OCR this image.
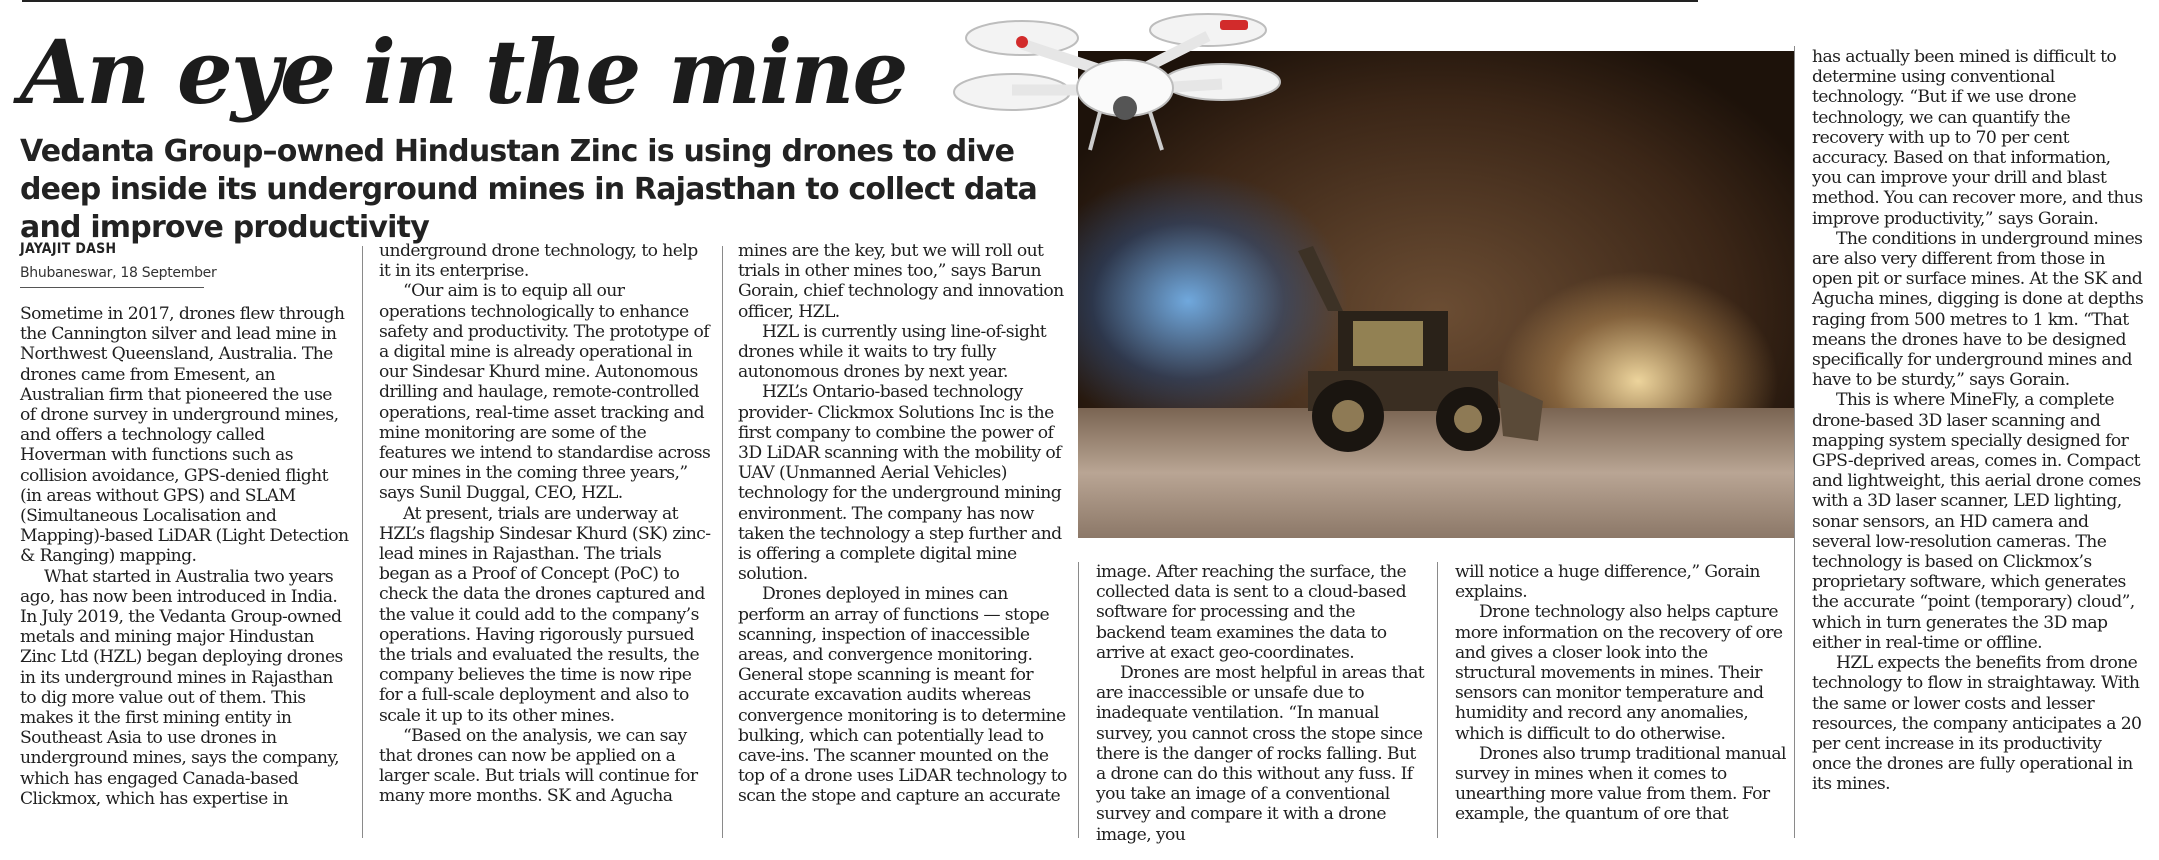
An eye in the mine
Vedanta Group–owned Hindustan Zinc is using drones to dive deep inside its underground mines in Rajasthan to collect data and improve productivity
JAYAJIT DASH
Bhubaneswar, 18 September

Sometime in 2017, drones flew through the Cannington silver and lead mine in Northwest Queensland, Australia. The drones came from Emesent, an Australian firm that pioneered the use of drone survey in underground mines, and offers a technology called Hoverman with functions such as collision avoidance, GPS-denied flight (in areas without GPS) and SLAM (Simultaneous Localisation and Mapping)-based LiDAR (Light Detection & Ranging) mapping.

What started in Australia two years ago, has now been introduced in India. In July 2019, the Vedanta Group-owned metals and mining major Hindustan Zinc Ltd (HZL) began deploying drones in its underground mines in Rajasthan to dig more value out of them. This makes it the first mining entity in Southeast Asia to use drones in underground mines, says the company, which has engaged Canada-based Clickmox, which has expertise in

underground drone technology, to help it in its enterprise.

“Our aim is to equip all our operations technologically to enhance safety and productivity. The prototype of a digital mine is already operational in our Sindesar Khurd mine. Autonomous drilling and haulage, remote-controlled operations, real-time asset tracking and mine monitoring are some of the features we intend to standardise across our mines in the coming three years,” says Sunil Duggal, CEO, HZL.

At present, trials are underway at HZL’s flagship Sindesar Khurd (SK) zinc-lead mines in Rajasthan. The trials began as a Proof of Concept (PoC) to check the data the drones captured and the value it could add to the company’s operations. Having rigorously pursued the trials and evaluated the results, the company believes the time is now ripe for a full-scale deployment and also to scale it up to its other mines.

“Based on the analysis, we can say that drones can now be applied on a larger scale. But trials will continue for many more months. SK and Agucha

mines are the key, but we will roll out trials in other mines too,” says Barun Gorain, chief technology and innovation officer, HZL.

HZL is currently using line-of-sight drones while it waits to try fully autonomous drones by next year.

HZL’s Ontario-based technology provider- Clickmox Solutions Inc is the first company to combine the power of 3D LiDAR scanning with the mobility of UAV (Unmanned Aerial Vehicles) technology for the underground mining environment. The company has now taken the technology a step further and is offering a complete digital mine solution.

Drones deployed in mines can perform an array of functions — stope scanning, inspection of inaccessible areas, and convergence monitoring. General stope scanning is meant for accurate excavation audits whereas convergence monitoring is to determine bulking, which can potentially lead to cave-ins. The scanner mounted on the top of a drone uses LiDAR technology to scan the stope and capture an accurate

image. After reaching the surface, the collected data is sent to a cloud-based software for processing and the backend team examines the data to arrive at exact geo-coordinates.

Drones are most helpful in areas that are inaccessible or unsafe due to inadequate ventilation. “In manual survey, you cannot cross the stope since there is the danger of rocks falling. But a drone can do this without any fuss. If you take an image of a conventional survey and compare it with a drone image, you

will notice a huge difference,” Gorain explains.

Drone technology also helps capture more information on the recovery of ore and gives a closer look into the structural movements in mines. Their sensors can monitor temperature and humidity and record any anomalies, which is difficult to do otherwise.

Drones also trump traditional manual survey in mines when it comes to unearthing more value from them. For example, the quantum of ore that

has actually been mined is difficult to determine using conventional technology. “But if we use drone technology, we can quantify the recovery with up to 70 per cent accuracy. Based on that information, you can improve your drill and blast method. You can recover more, and thus improve productivity,” says Gorain.

The conditions in underground mines are also very different from those in open pit or surface mines. At the SK and Agucha mines, digging is done at depths raging from 500 metres to 1 km. “That means the drones have to be designed specifically for underground mines and have to be sturdy,” says Gorain.

This is where MineFly, a complete drone-based 3D laser scanning and mapping system specially designed for GPS-deprived areas, comes in. Compact and lightweight, this aerial drone comes with a 3D laser scanner, LED lighting, sonar sensors, an HD camera and several low-resolution cameras. The technology is based on Clickmox’s proprietary software, which generates the accurate “point (temporary) cloud”, which in turn generates the 3D map either in real-time or offline.

HZL expects the benefits from drone technology to flow in straightaway. With the same or lower costs and lesser resources, the company anticipates a 20 per cent increase in its productivity once the drones are fully operational in its mines.
